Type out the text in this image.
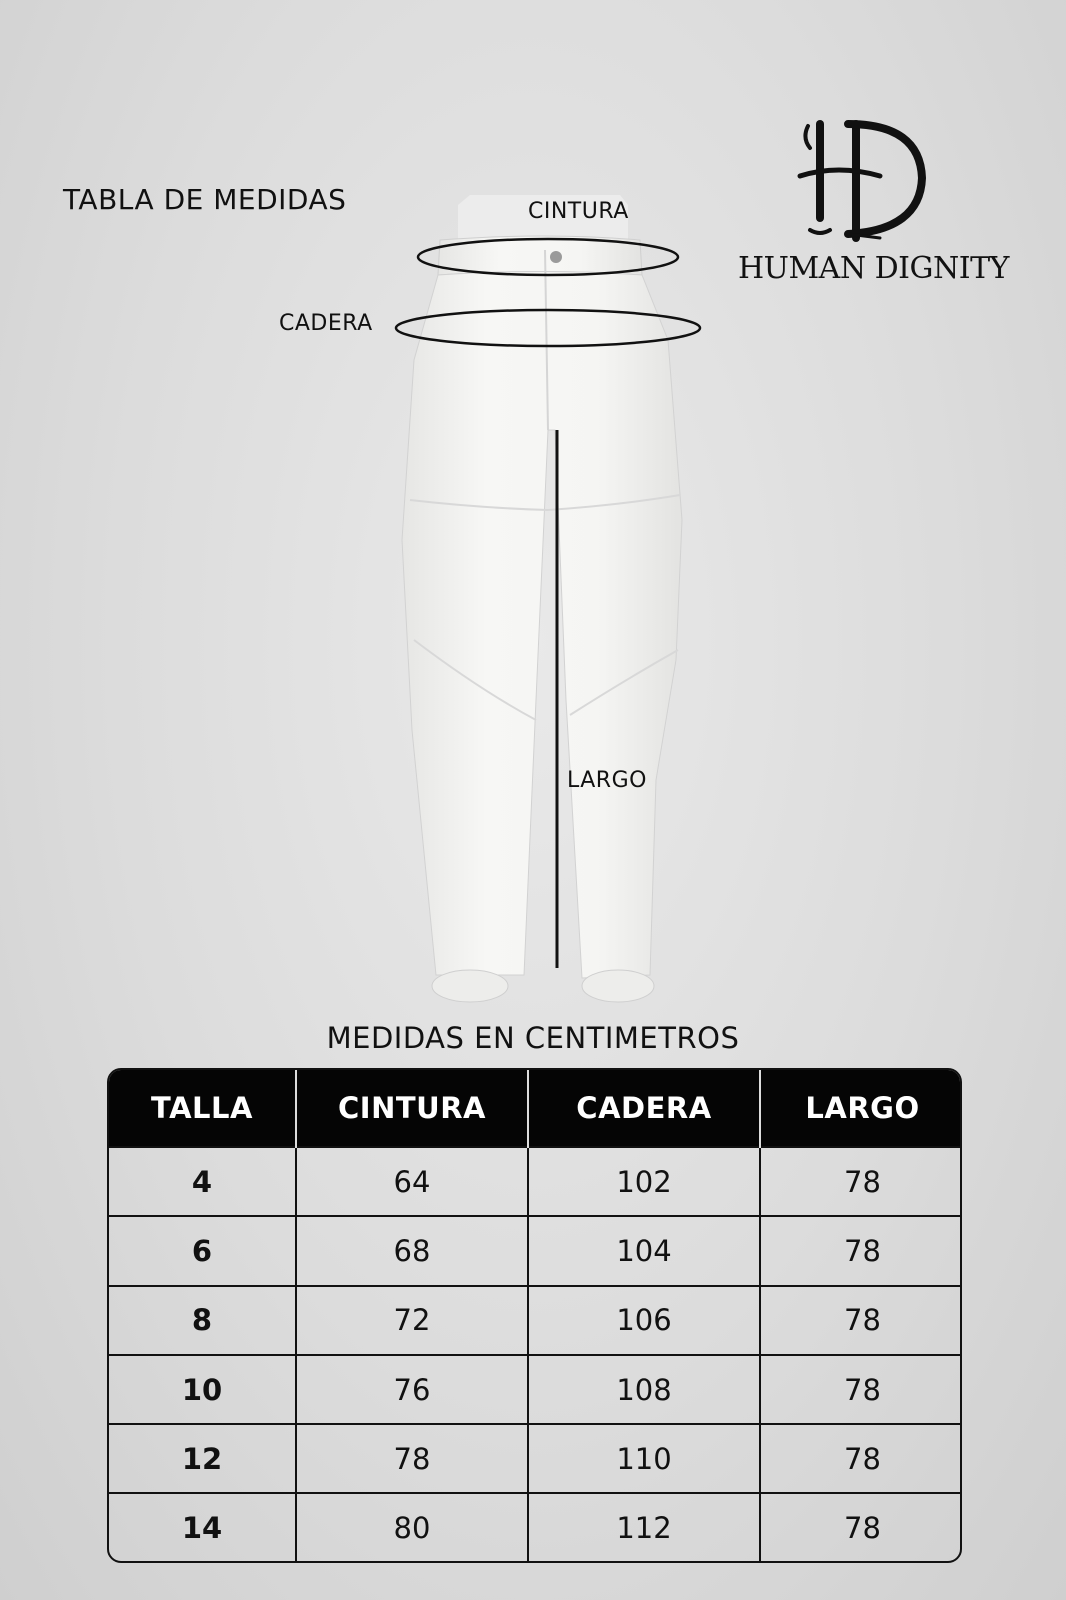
TABLA DE MEDIDAS	CINTURA
CADERA
LARGO
HUMAN DIGNITY
MEDIDAS EN CENTIMETROS
TALLA	CINTURA	CADERA	LARGO
4	64	102	78
6	68	104	78
8	72	106	78
10	76	108	78
12	78	110	78
14	80	112	78
